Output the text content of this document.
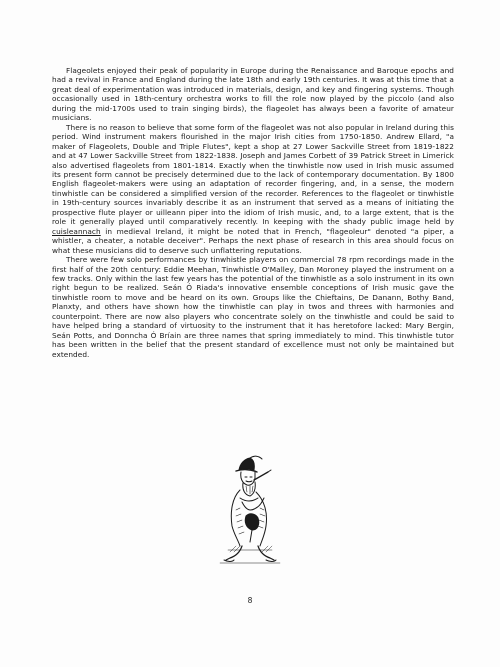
Flageolets enjoyed their peak of popularity in Europe during the Renaissance and Baroque epochs and had a revival in France and England during the late 18th and early 19th centuries. It was at this time that a great deal of experimentation was introduced in materials, design, and key and fingering systems. Though occasionally used in 18th-century orchestra works to fill the role now played by the piccolo (and also during the mid-1700s used to train singing birds), the flageolet has always been a favorite of amateur musicians.

There is no reason to believe that some form of the flageolet was not also popular in Ireland during this period. Wind instrument makers flourished in the major Irish cities from 1750-1850. Andrew Ellard, "a maker of Flageolets, Double and Triple Flutes", kept a shop at 27 Lower Sackville Street from 1819-1822 and at 47 Lower Sackville Street from 1822-1838. Joseph and James Corbett of 39 Patrick Street in Limerick also advertised flageolets from 1801-1814. Exactly when the tinwhistle now used in Irish music assumed its present form cannot be precisely determined due to the lack of contemporary documentation. By 1800 English flageolet-makers were using an adaptation of recorder fingering, and, in a sense, the modern tinwhistle can be considered a simplified version of the recorder. References to the flageolet or tinwhistle in 19th-century sources invariably describe it as an instrument that served as a means of initiating the prospective flute player or uilleann piper into the idiom of Irish music, and, to a large extent, that is the role it generally played until comparatively recently. In keeping with the shady public image held by cuisleannach in medieval Ireland, it might be noted that in French, "flageoleur" denoted "a piper, a whistler, a cheater, a notable deceiver". Perhaps the next phase of research in this area should focus on what these musicians did to deserve such unflattering reputations.

There were few solo performances by tinwhistle players on commercial 78 rpm recordings made in the first half of the 20th century: Eddie Meehan, Tinwhistle O'Malley, Dan Moroney played the instrument on a few tracks. Only within the last few years has the potential of the tinwhistle as a solo instrument in its own right begun to be realized. Seán Ó Riada's innovative ensemble conceptions of Irish music gave the tinwhistle room to move and be heard on its own. Groups like the Chieftains, De Danann, Bothy Band, Planxty, and others have shown how the tinwhistle can play in twos and threes with harmonies and counterpoint. There are now also players who concentrate solely on the tinwhistle and could be said to have helped bring a standard of virtuosity to the instrument that it has heretofore lacked: Mary Bergin, Seán Potts, and Donncha Ó Bríain are three names that spring immediately to mind. This tinwhistle tutor has been written in the belief that the present standard of excellence must not only be maintained but extended.

8
